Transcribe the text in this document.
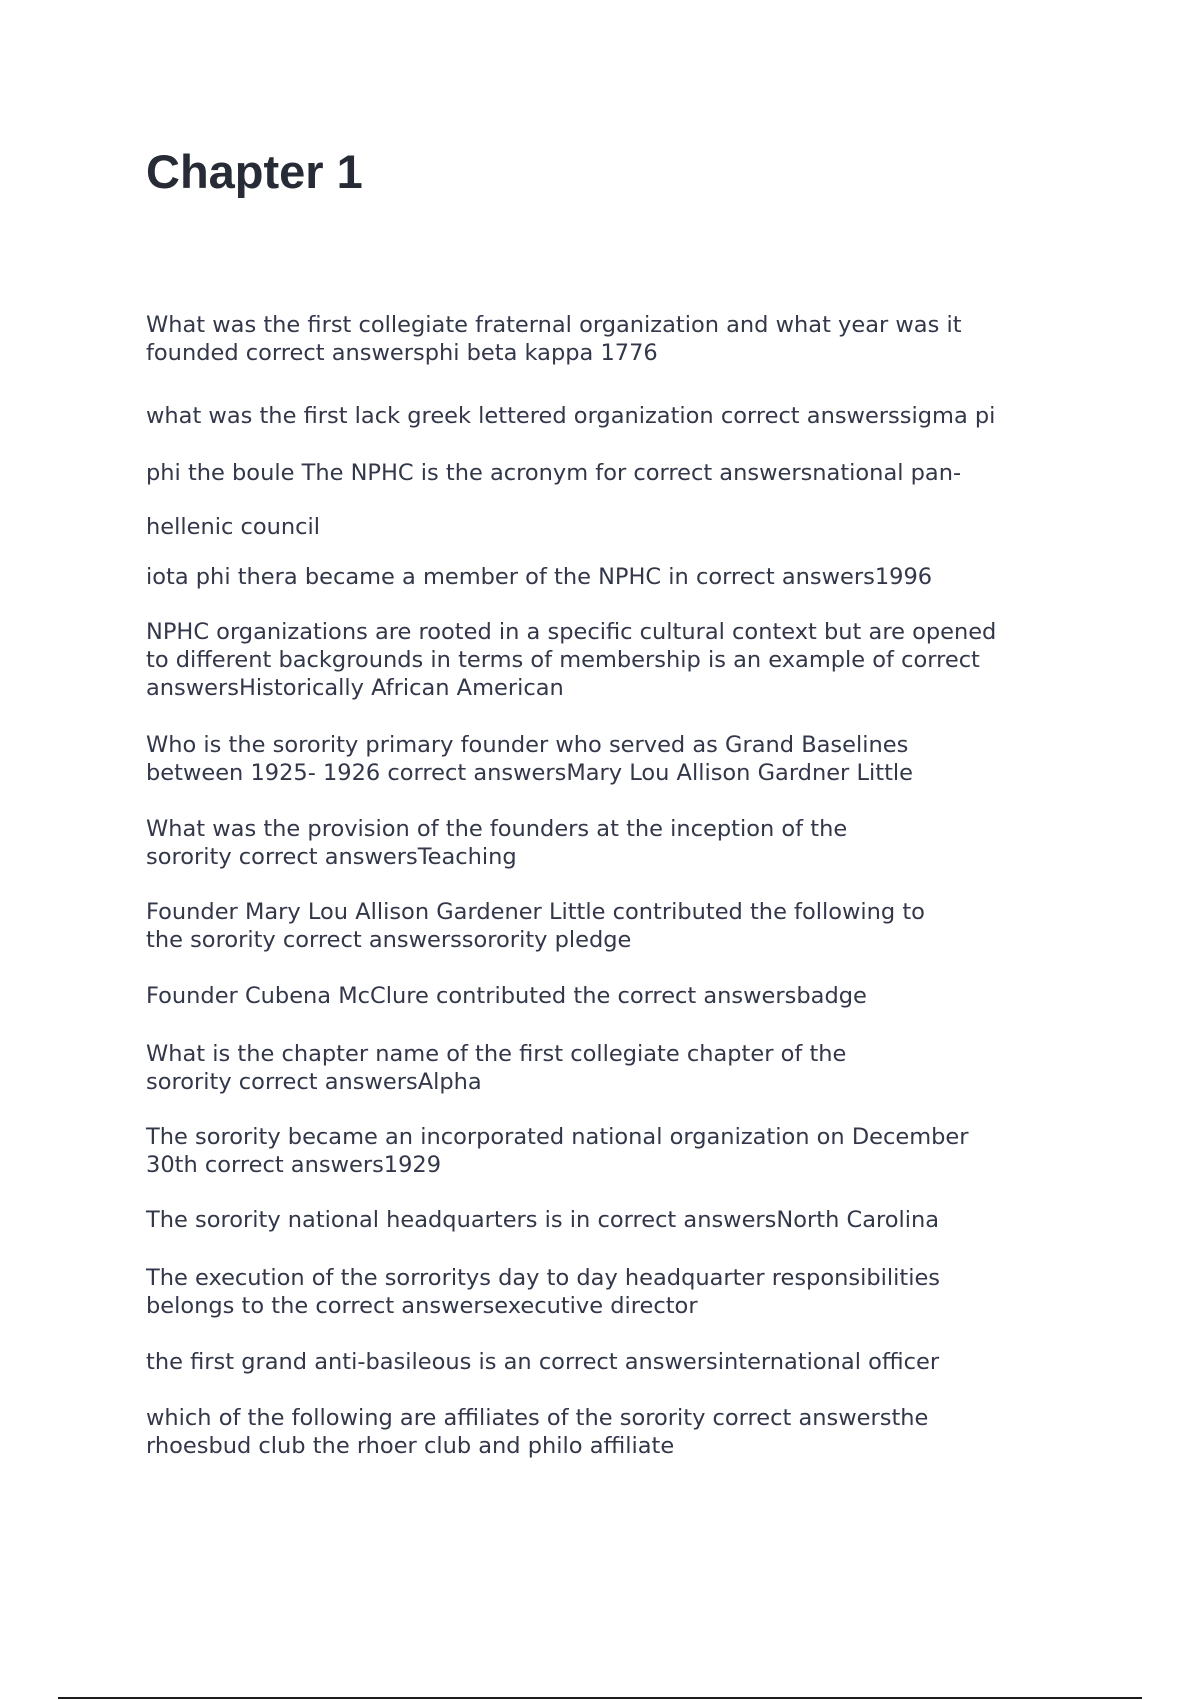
Chapter 1

What was the first collegiate fraternal organization and what year was it
founded correct answersphi beta kappa 1776

what was the first lack greek lettered organization correct answerssigma pi

phi the boule The NPHC is the acronym for correct answersnational pan-

hellenic council

iota phi thera became a member of the NPHC in correct answers1996

NPHC organizations are rooted in a specific cultural context but are opened
to different backgrounds in terms of membership is an example of correct
answersHistorically African American

Who is the sorority primary founder who served as Grand Baselines
between 1925- 1926 correct answersMary Lou Allison Gardner Little

What was the provision of the founders at the inception of the
sorority correct answersTeaching

Founder Mary Lou Allison Gardener Little contributed the following to
the sorority correct answerssorority pledge

Founder Cubena McClure contributed the correct answersbadge

What is the chapter name of the first collegiate chapter of the
sorority correct answersAlpha

The sorority became an incorporated national organization on December
30th correct answers1929

The sorority national headquarters is in correct answersNorth Carolina

The execution of the sorroritys day to day headquarter responsibilities
belongs to the correct answersexecutive director

the first grand anti-basileous is an correct answersinternational officer

which of the following are affiliates of the sorority correct answersthe
rhoesbud club the rhoer club and philo affiliate
